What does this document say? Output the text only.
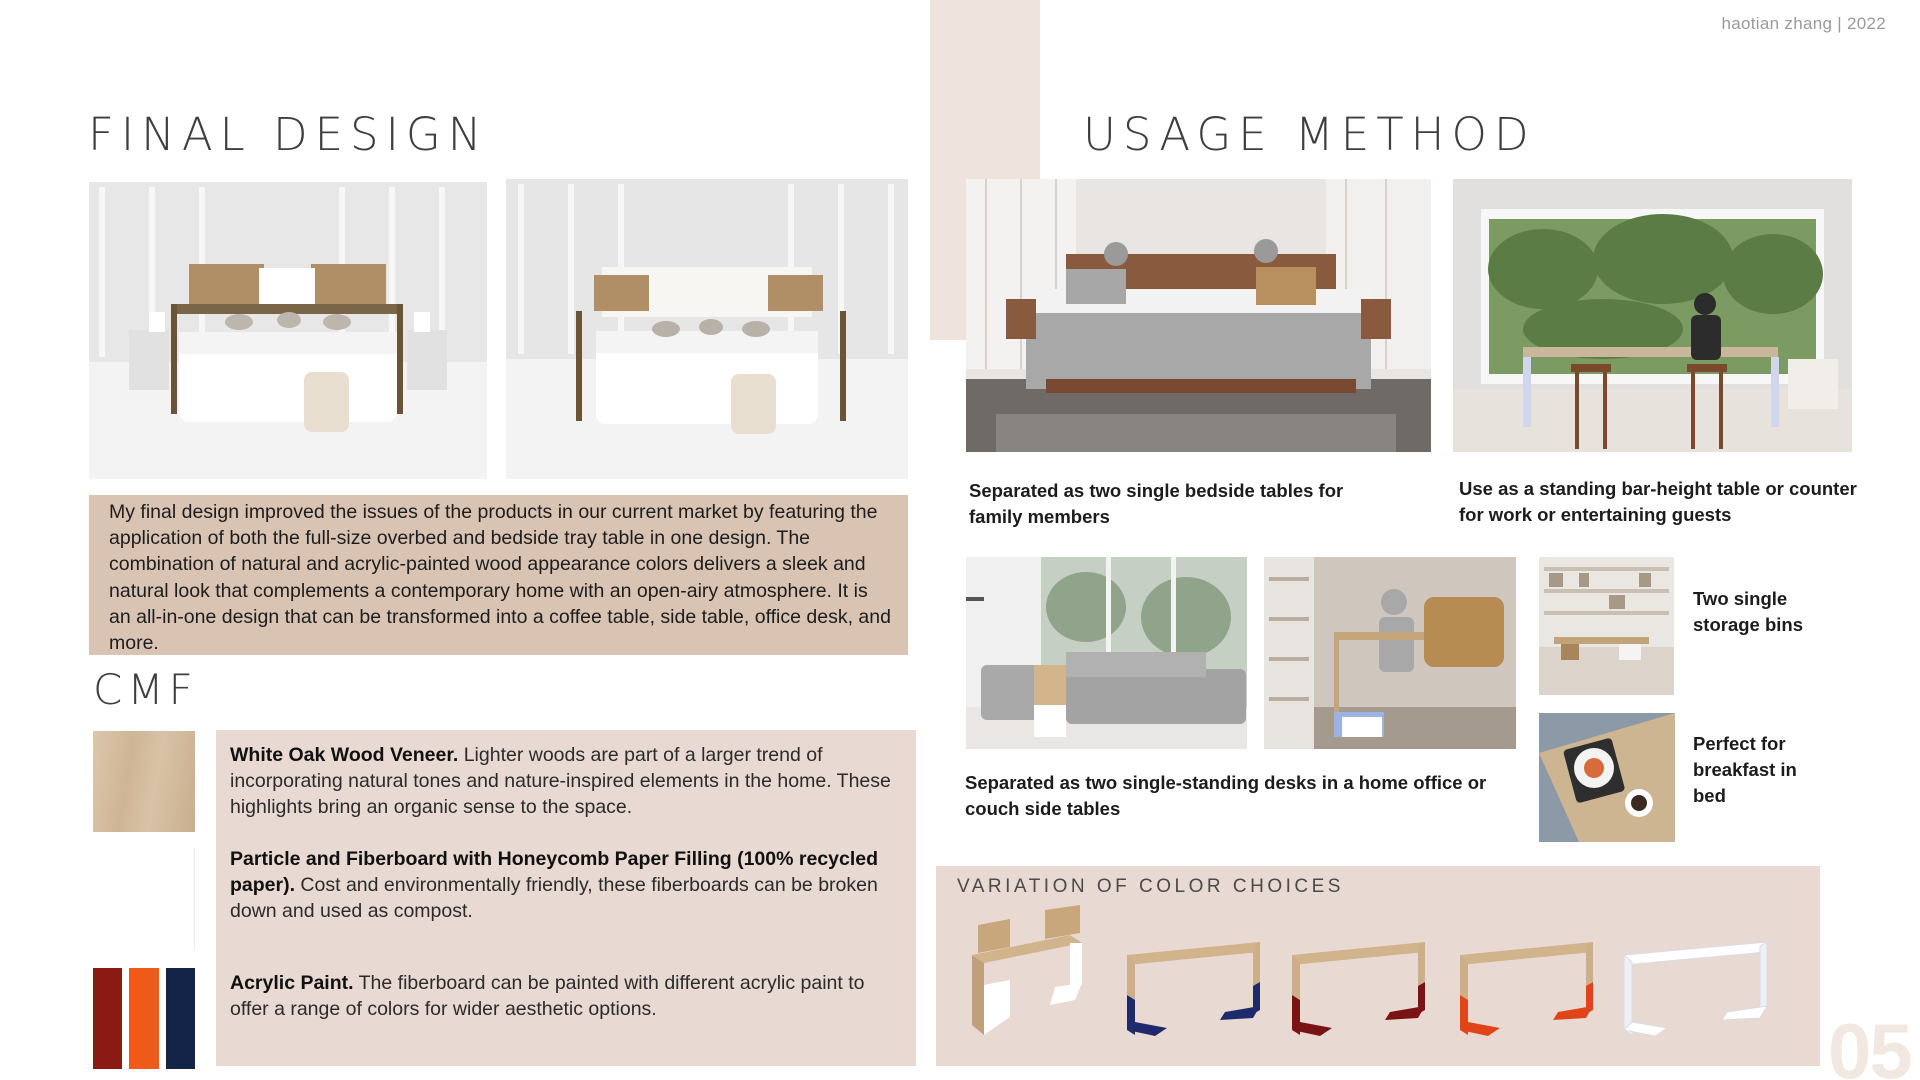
haotian zhang | 2022
FINAL DESIGN
My final design improved the issues of the products in our current market by featuring the application of both the full-size overbed and bedside tray table in one design. The combination of natural and acrylic-painted wood appearance colors delivers a sleek and natural look that complements a contemporary home with an open-airy atmosphere. It is an all-in-one design that can be transformed into a coffee table, side table, office desk, and more.
CMF
White Oak Wood Veneer. Lighter woods are part of a larger trend of incorporating natural tones and nature-inspired elements in the home. These highlights bring an organic sense to the space.
Particle and Fiberboard with Honeycomb Paper Filling (100% recycled paper). Cost and environmentally friendly, these fiberboards can be broken down and used as compost.
Acrylic Paint. The fiberboard can be painted with different acrylic paint to offer a range of colors for wider aesthetic options.
USAGE METHOD
Separated as two single bedside tables for family members
Use as a standing bar-height table or counter for work or entertaining guests
Separated as two single-standing desks in a home office or couch side tables
Two single storage bins
Perfect for breakfast in bed
VARIATION OF COLOR CHOICES
05
